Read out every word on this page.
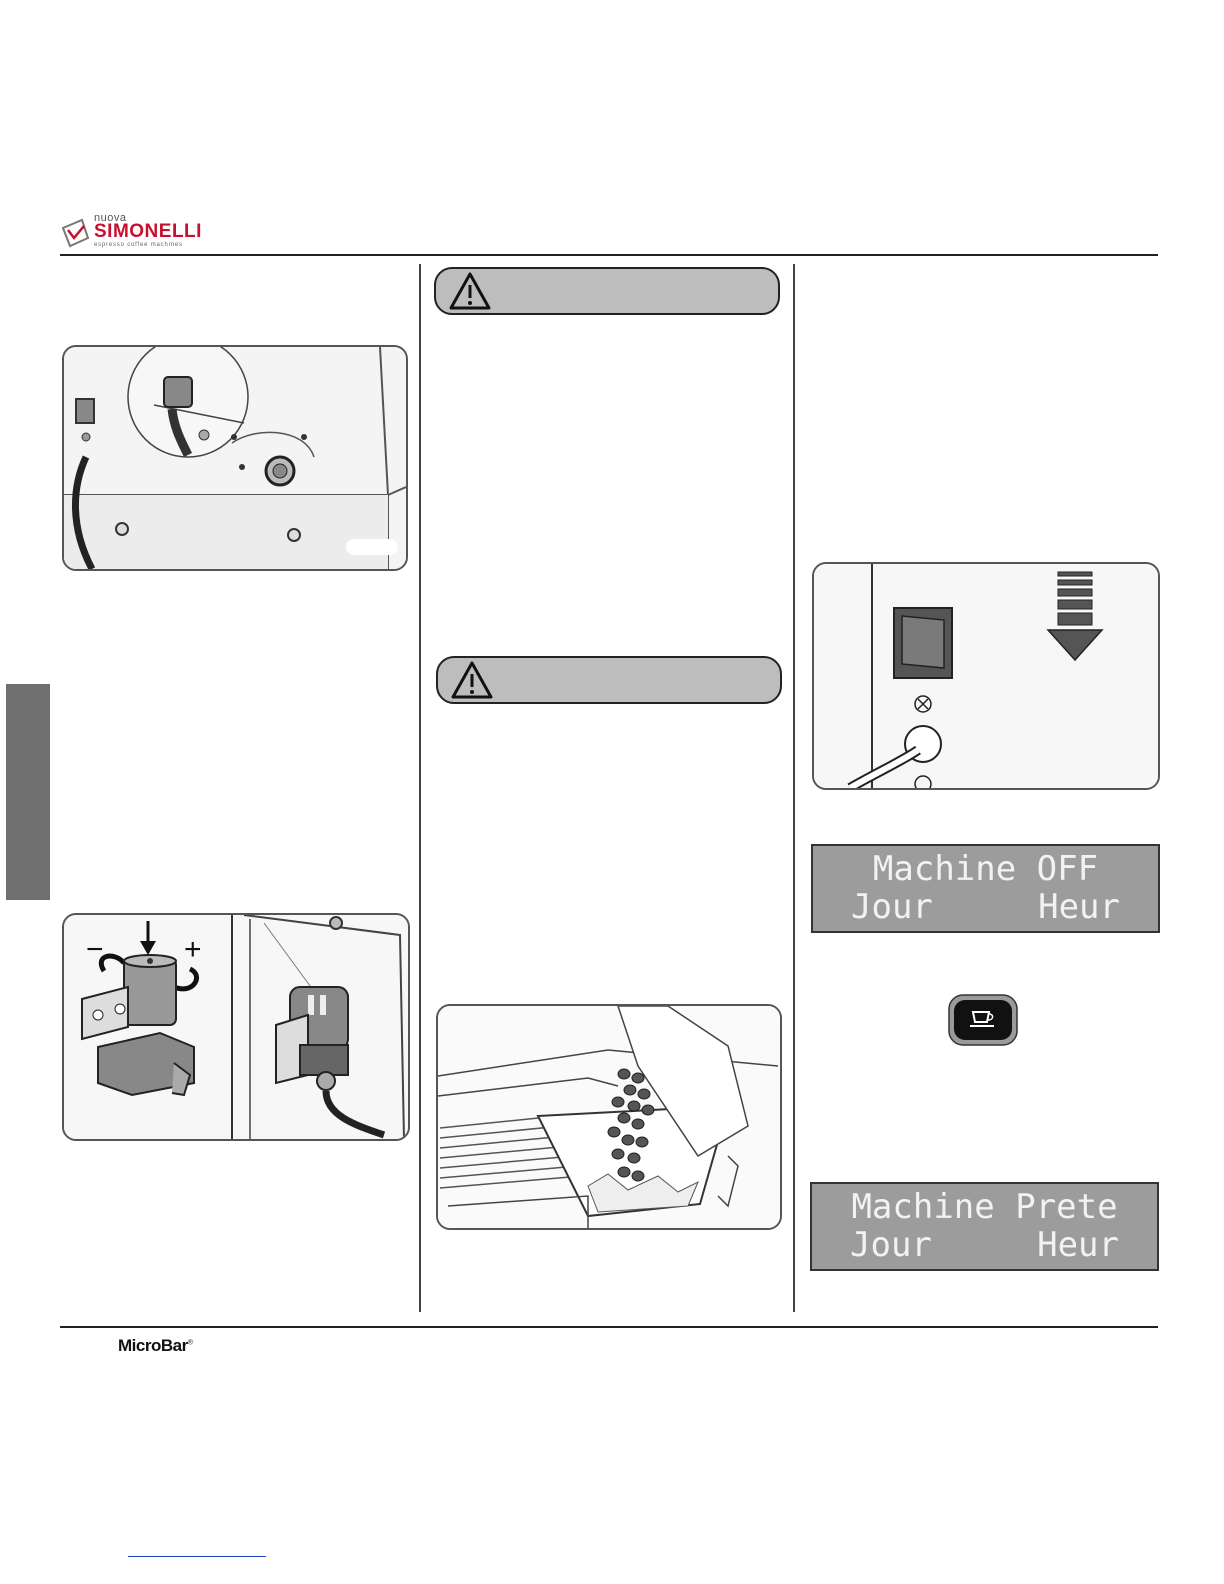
nuova
SIMONELLI
espresso coffee machines
−	+
Machine OFF

Jour

	Heur

Machine Prete

Jour

	Heur

MicroBar®
